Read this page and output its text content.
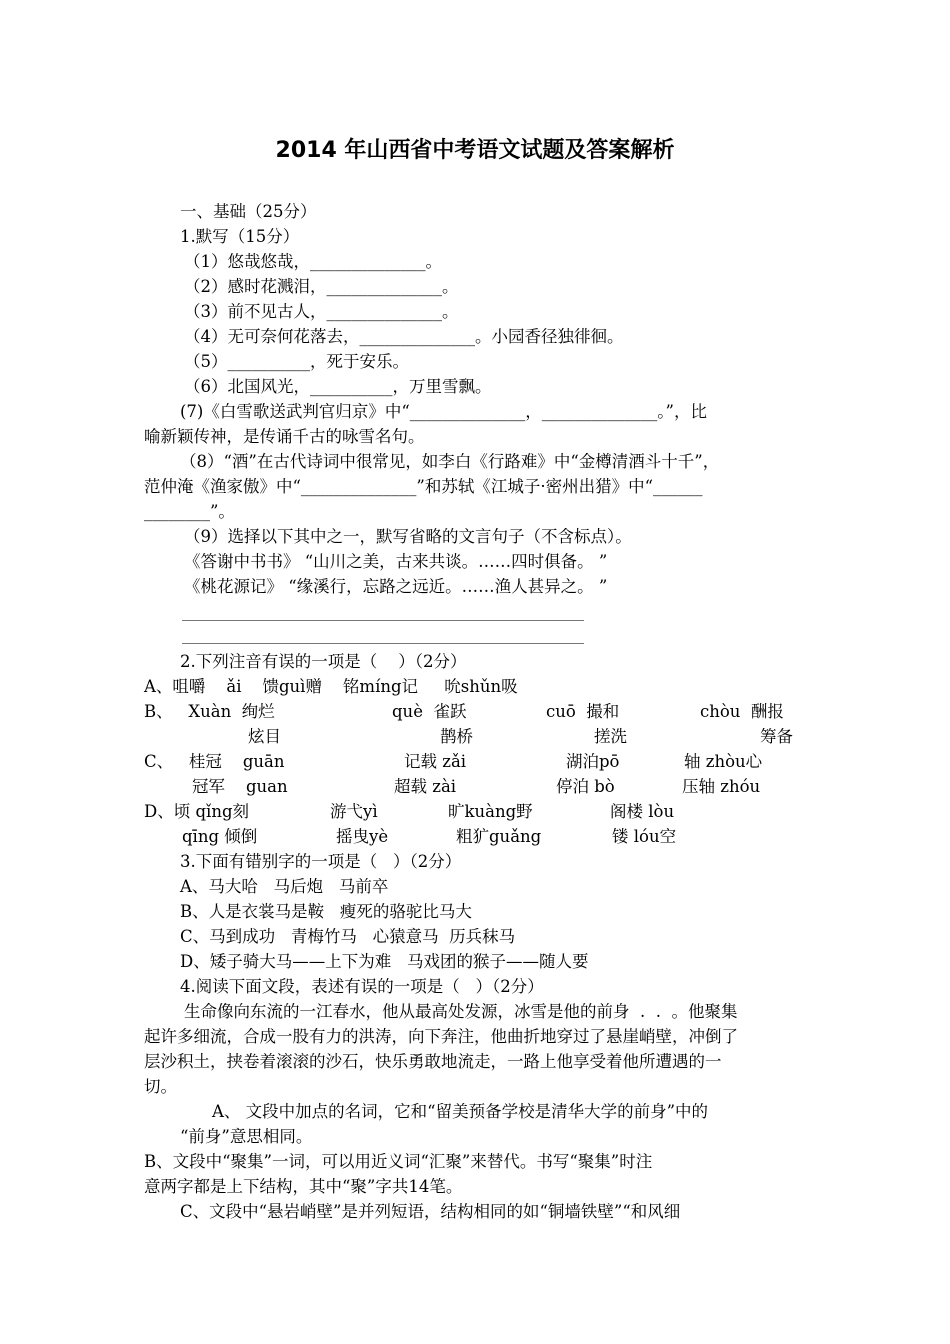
2014 年山西省中考语文试题及答案解析
一、基础（25分）
1.默写（15分）
（1）悠哉悠哉，______________。
（2）感时花溅泪，______________。
（3）前不见古人，______________。
（4）无可奈何花落去，______________。小园香径独徘徊。
（5）__________，死于安乐。
（6）北国风光，__________，万里雪飘。
(7)《白雪歌送武判官归京》中“______________，______________。”，比
喻新颖传神，是传诵千古的咏雪名句。
（8）“酒”在古代诗词中很常见，如李白《行路难》中“金樽清酒斗十千”，
范仲淹《渔家傲》中“______________”和苏轼《江城子·密州出猎》中“______
________”。
（9）选择以下其中之一，默写省略的文言句子（不含标点）。
《答谢中书书》 “山川之美，古来共谈。……四时俱备。 ”
《桃花源记》 “缘溪行，忘路之远近。……渔人甚异之。 ”
2.下列注音有误的一项是（    ）（2分）
A、咀嚼    ǎi    馈guì赠    铭míng记     吮shǔn吸
B、   Xuàn  绚烂	què  雀跃	cuō  撮和	chòu  酬报
炫目	鹊桥	搓洗	筹备
C、   桂冠    guān	记载 zǎi	湖泊pō	轴 zhòu心
冠军    guan	超载 zài	停泊 bò	压轴 zhóu
D、顷 qǐng刻	游弋yì	旷kuàng野	阁楼 lòu
qīng 倾倒	摇曳yè	粗犷guǎng	镂 lóu空
3.下面有错别字的一项是（   ）（2分）
A、马大哈   马后炮   马前卒
B、人是衣裳马是鞍   瘦死的骆驼比马大
C、马到成功   青梅竹马   心猿意马  历兵秣马
D、矮子骑大马——上下为难   马戏团的猴子——随人要
4.阅读下面文段，表述有误的一项是（   ）（2分）
生命像向东流的一江春水，他从最高处发源，冰雪是他的前身  .  .  。他聚集
起许多细流，合成一股有力的洪涛，向下奔注，他曲折地穿过了悬崖峭壁，冲倒了
层沙积土，挟卷着滚滚的沙石，快乐勇敢地流走，一路上他享受着他所遭遇的一
切。
A、 文段中加点的名词，它和“留美预备学校是清华大学的前身”中的
“前身”意思相同。
B、文段中“聚集”一词，可以用近义词“汇聚”来替代。书写“聚集”时注
意两字都是上下结构，其中“聚”字共14笔。
C、文段中“悬岩峭壁”是并列短语，结构相同的如“铜墙铁壁”“和风细
